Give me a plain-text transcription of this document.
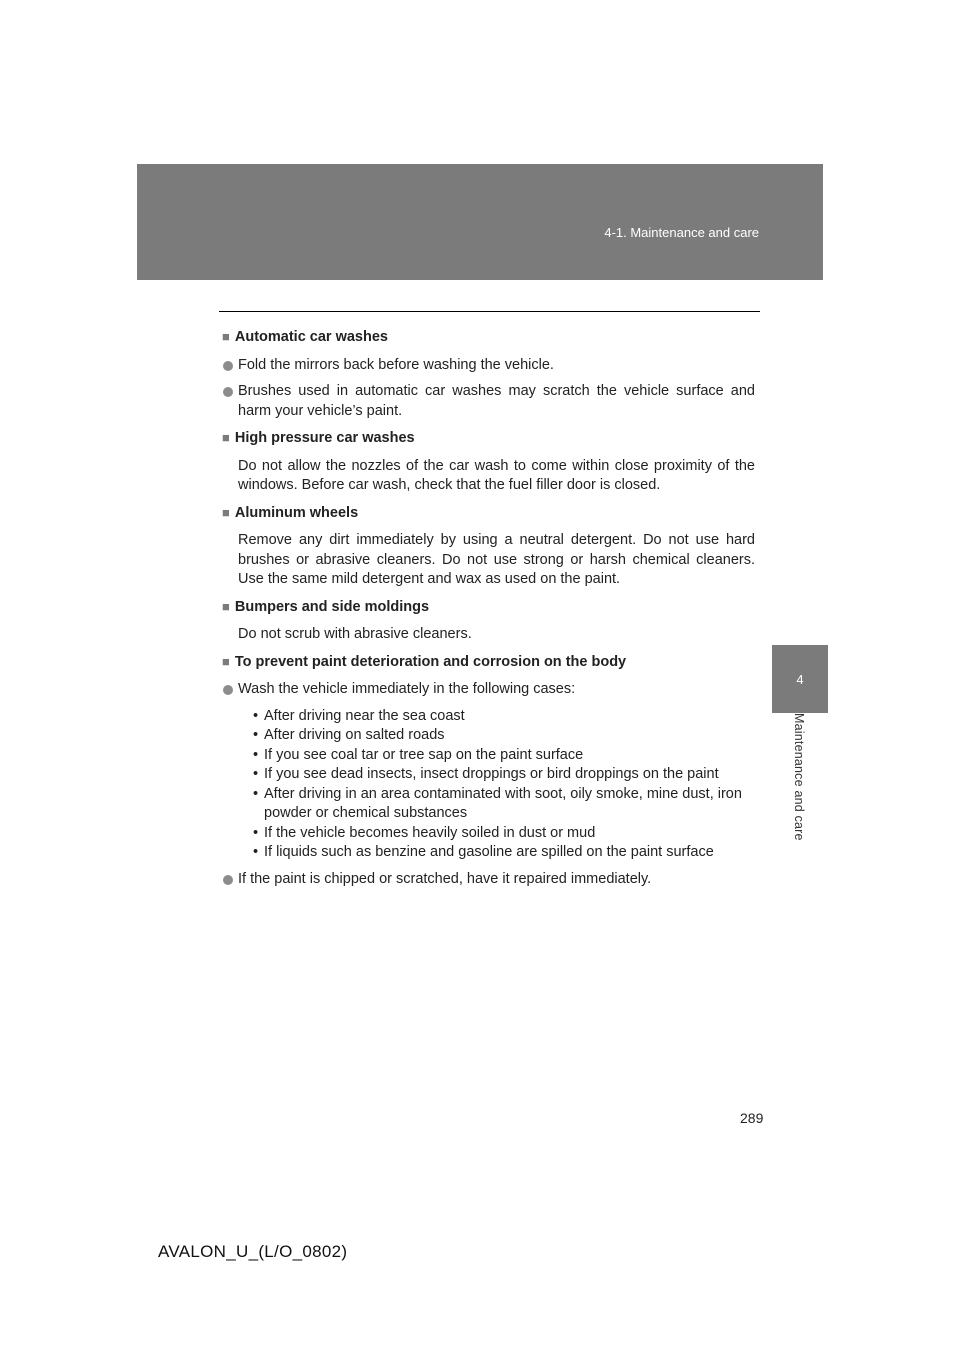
4-1. Maintenance and care
4
Maintenance and care
■ Automatic car washes
Fold the mirrors back before washing the vehicle.
Brushes used in automatic car washes may scratch the vehicle surface and harm your vehicle’s paint.
■ High pressure car washes
Do not allow the nozzles of the car wash to come within close proximity of the windows. Before car wash, check that the fuel filler door is closed.
■ Aluminum wheels
Remove any dirt immediately by using a neutral detergent. Do not use hard brushes or abrasive cleaners. Do not use strong or harsh chemical cleaners. Use the same mild detergent and wax as used on the paint.
■ Bumpers and side moldings
Do not scrub with abrasive cleaners.
■ To prevent paint deterioration and corrosion on the body
Wash the vehicle immediately in the following cases:
• After driving near the sea coast
• After driving on salted roads
• If you see coal tar or tree sap on the paint surface
• If you see dead insects, insect droppings or bird droppings on the paint
• After driving in an area contaminated with soot, oily smoke, mine dust, iron powder or chemical substances
• If the vehicle becomes heavily soiled in dust or mud
• If liquids such as benzine and gasoline are spilled on the paint surface
If the paint is chipped or scratched, have it repaired immediately.
289
AVALON_U_(L/O_0802)
